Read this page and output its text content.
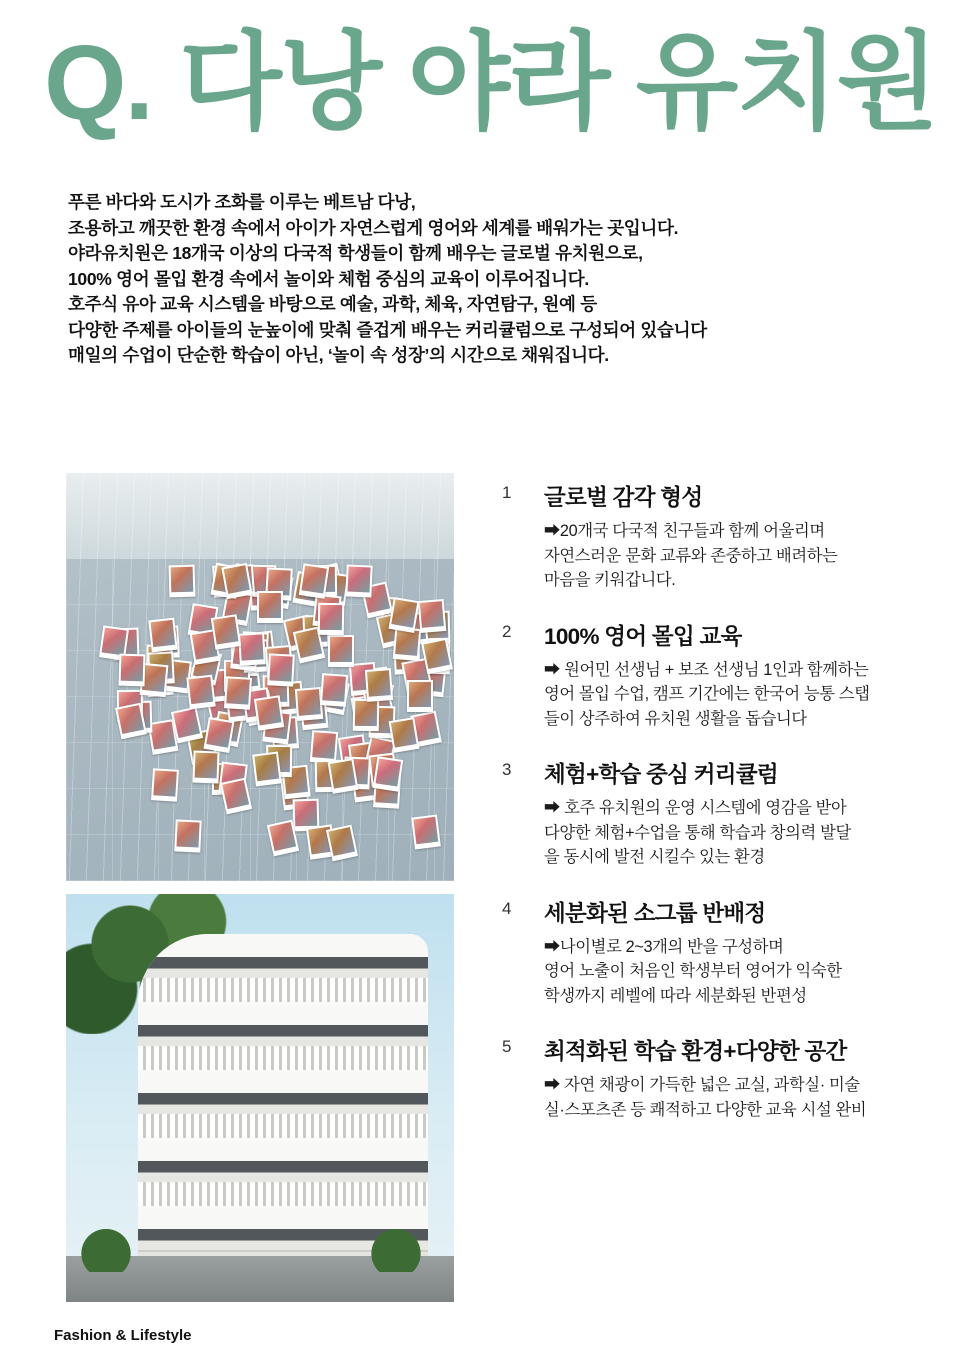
Q. 다낭 야라 유치원
푸른 바다와 도시가 조화를 이루는 베트남 다낭,
조용하고 깨끗한 환경 속에서 아이가 자연스럽게 영어와 세계를 배워가는 곳입니다.
야라유치원은 18개국 이상의 다국적 학생들이 함께 배우는 글로벌 유치원으로,
100% 영어 몰입 환경 속에서 놀이와 체험 중심의 교육이 이루어집니다.
호주식 유아 교육 시스템을 바탕으로 예술, 과학, 체육, 자연탐구, 원예 등
다양한 주제를 아이들의 눈높이에 맞춰 즐겁게 배우는 커리큘럼으로 구성되어 있습니다
매일의 수업이 단순한 학습이 아닌, ‘놀이 속 성장’의 시간으로 채워집니다.
1 글로벌 감각 형성
➡20개국 다국적 친구들과 함께 어울리며
자연스러운 문화 교류와 존중하고 배려하는
마음을 키워갑니다.
2 100% 영어 몰입 교육
➡ 원어민 선생님 + 보조 선생님 1인과 함께하는
영어 몰입 수업, 캠프 기간에는 한국어 능통 스탭
들이 상주하여 유치원 생활을 돕습니다
3 체험+학습 중심 커리큘럼
➡ 호주 유치원의 운영 시스템에 영감을 받아
다양한 체험+수업을 통해 학습과 창의력 발달
을 동시에 발전 시킬수 있는 환경
4 세분화된 소그룹 반배정
➡나이별로 2~3개의 반을 구성하며
영어 노출이 처음인 학생부터 영어가 익숙한
학생까지 레벨에 따라 세분화된 반편성
5 최적화된 학습 환경+다양한 공간
➡ 자연 채광이 가득한 넓은 교실, 과학실· 미술
실·스포츠존 등 쾌적하고 다양한 교육 시설 완비
Fashion & Lifestyle
